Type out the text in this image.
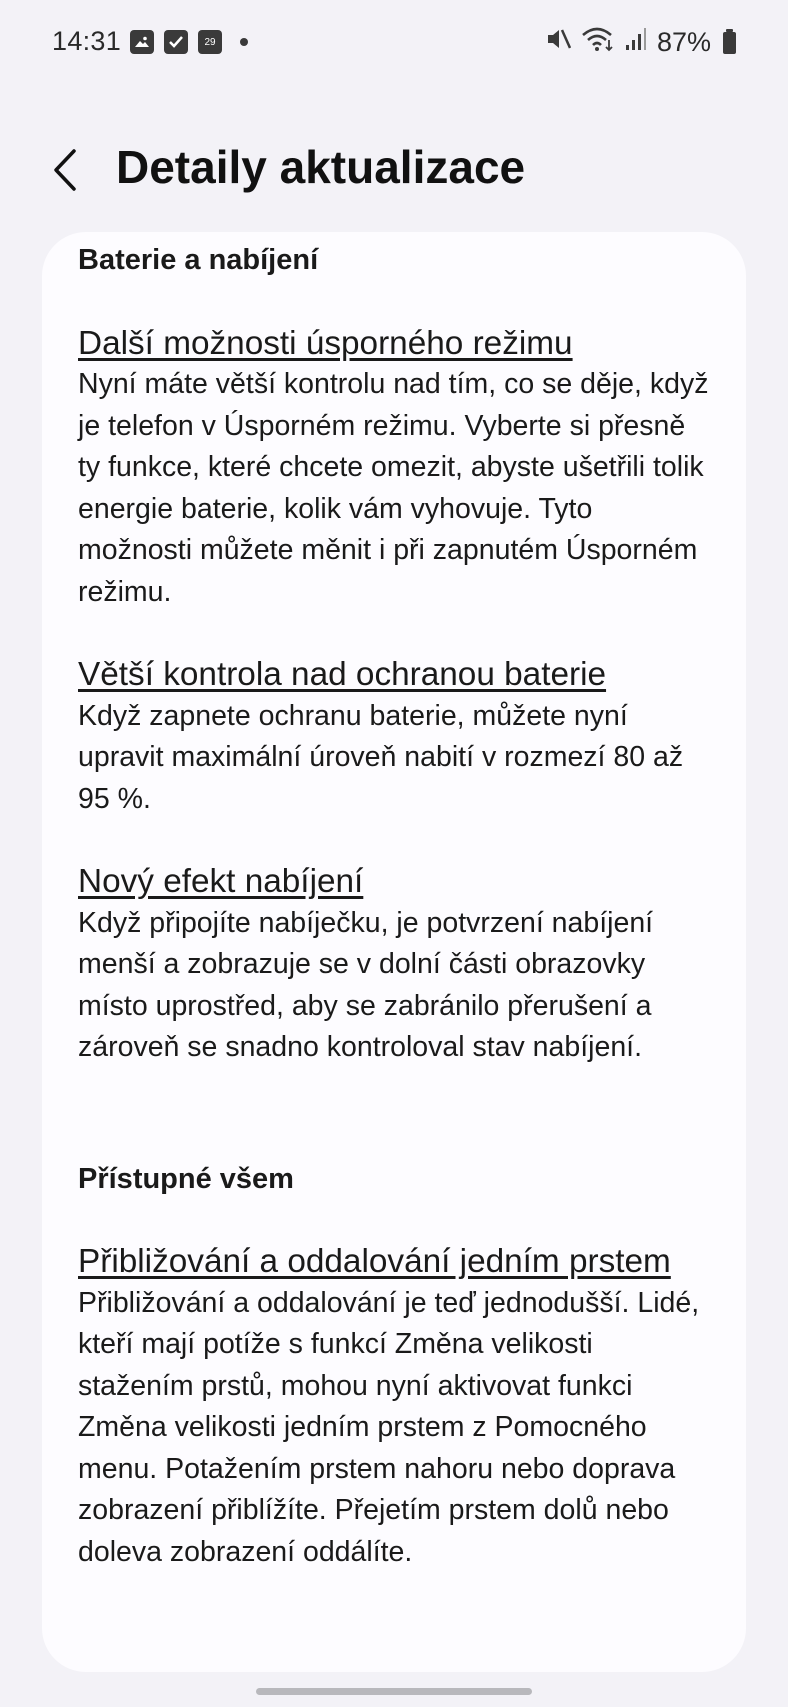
14:31	29	87%
Detaily aktualizace
Baterie a nabíjení
Další možnosti úsporného režimu

Nyní máte větší kontrolu nad tím, co se děje, když je telefon v Úsporném režimu. Vyberte si přesně ty funkce, které chcete omezit, abyste ušetřili tolik energie baterie, kolik vám vyhovuje. Tyto možnosti můžete měnit i při zapnutém Úsporném režimu.

Větší kontrola nad ochranou baterie

Když zapnete ochranu baterie, můžete nyní upravit maximální úroveň nabití v rozmezí 80 až 95 %.

Nový efekt nabíjení

Když připojíte nabíječku, je potvrzení nabíjení menší a zobrazuje se v dolní části obrazovky místo uprostřed, aby se zabránilo přerušení a zároveň se snadno kontroloval stav nabíjení.

Přístupné všem
Přibližování a oddalování jedním prstem

Přibližování a oddalování je teď jednodušší. Lidé, kteří mají potíže s funkcí Změna velikosti stažením prstů, mohou nyní aktivovat funkci Změna velikosti jedním prstem z Pomocného menu. Potažením prstem nahoru nebo doprava zobrazení přiblížíte. Přejetím prstem dolů nebo doleva zobrazení oddálíte.
